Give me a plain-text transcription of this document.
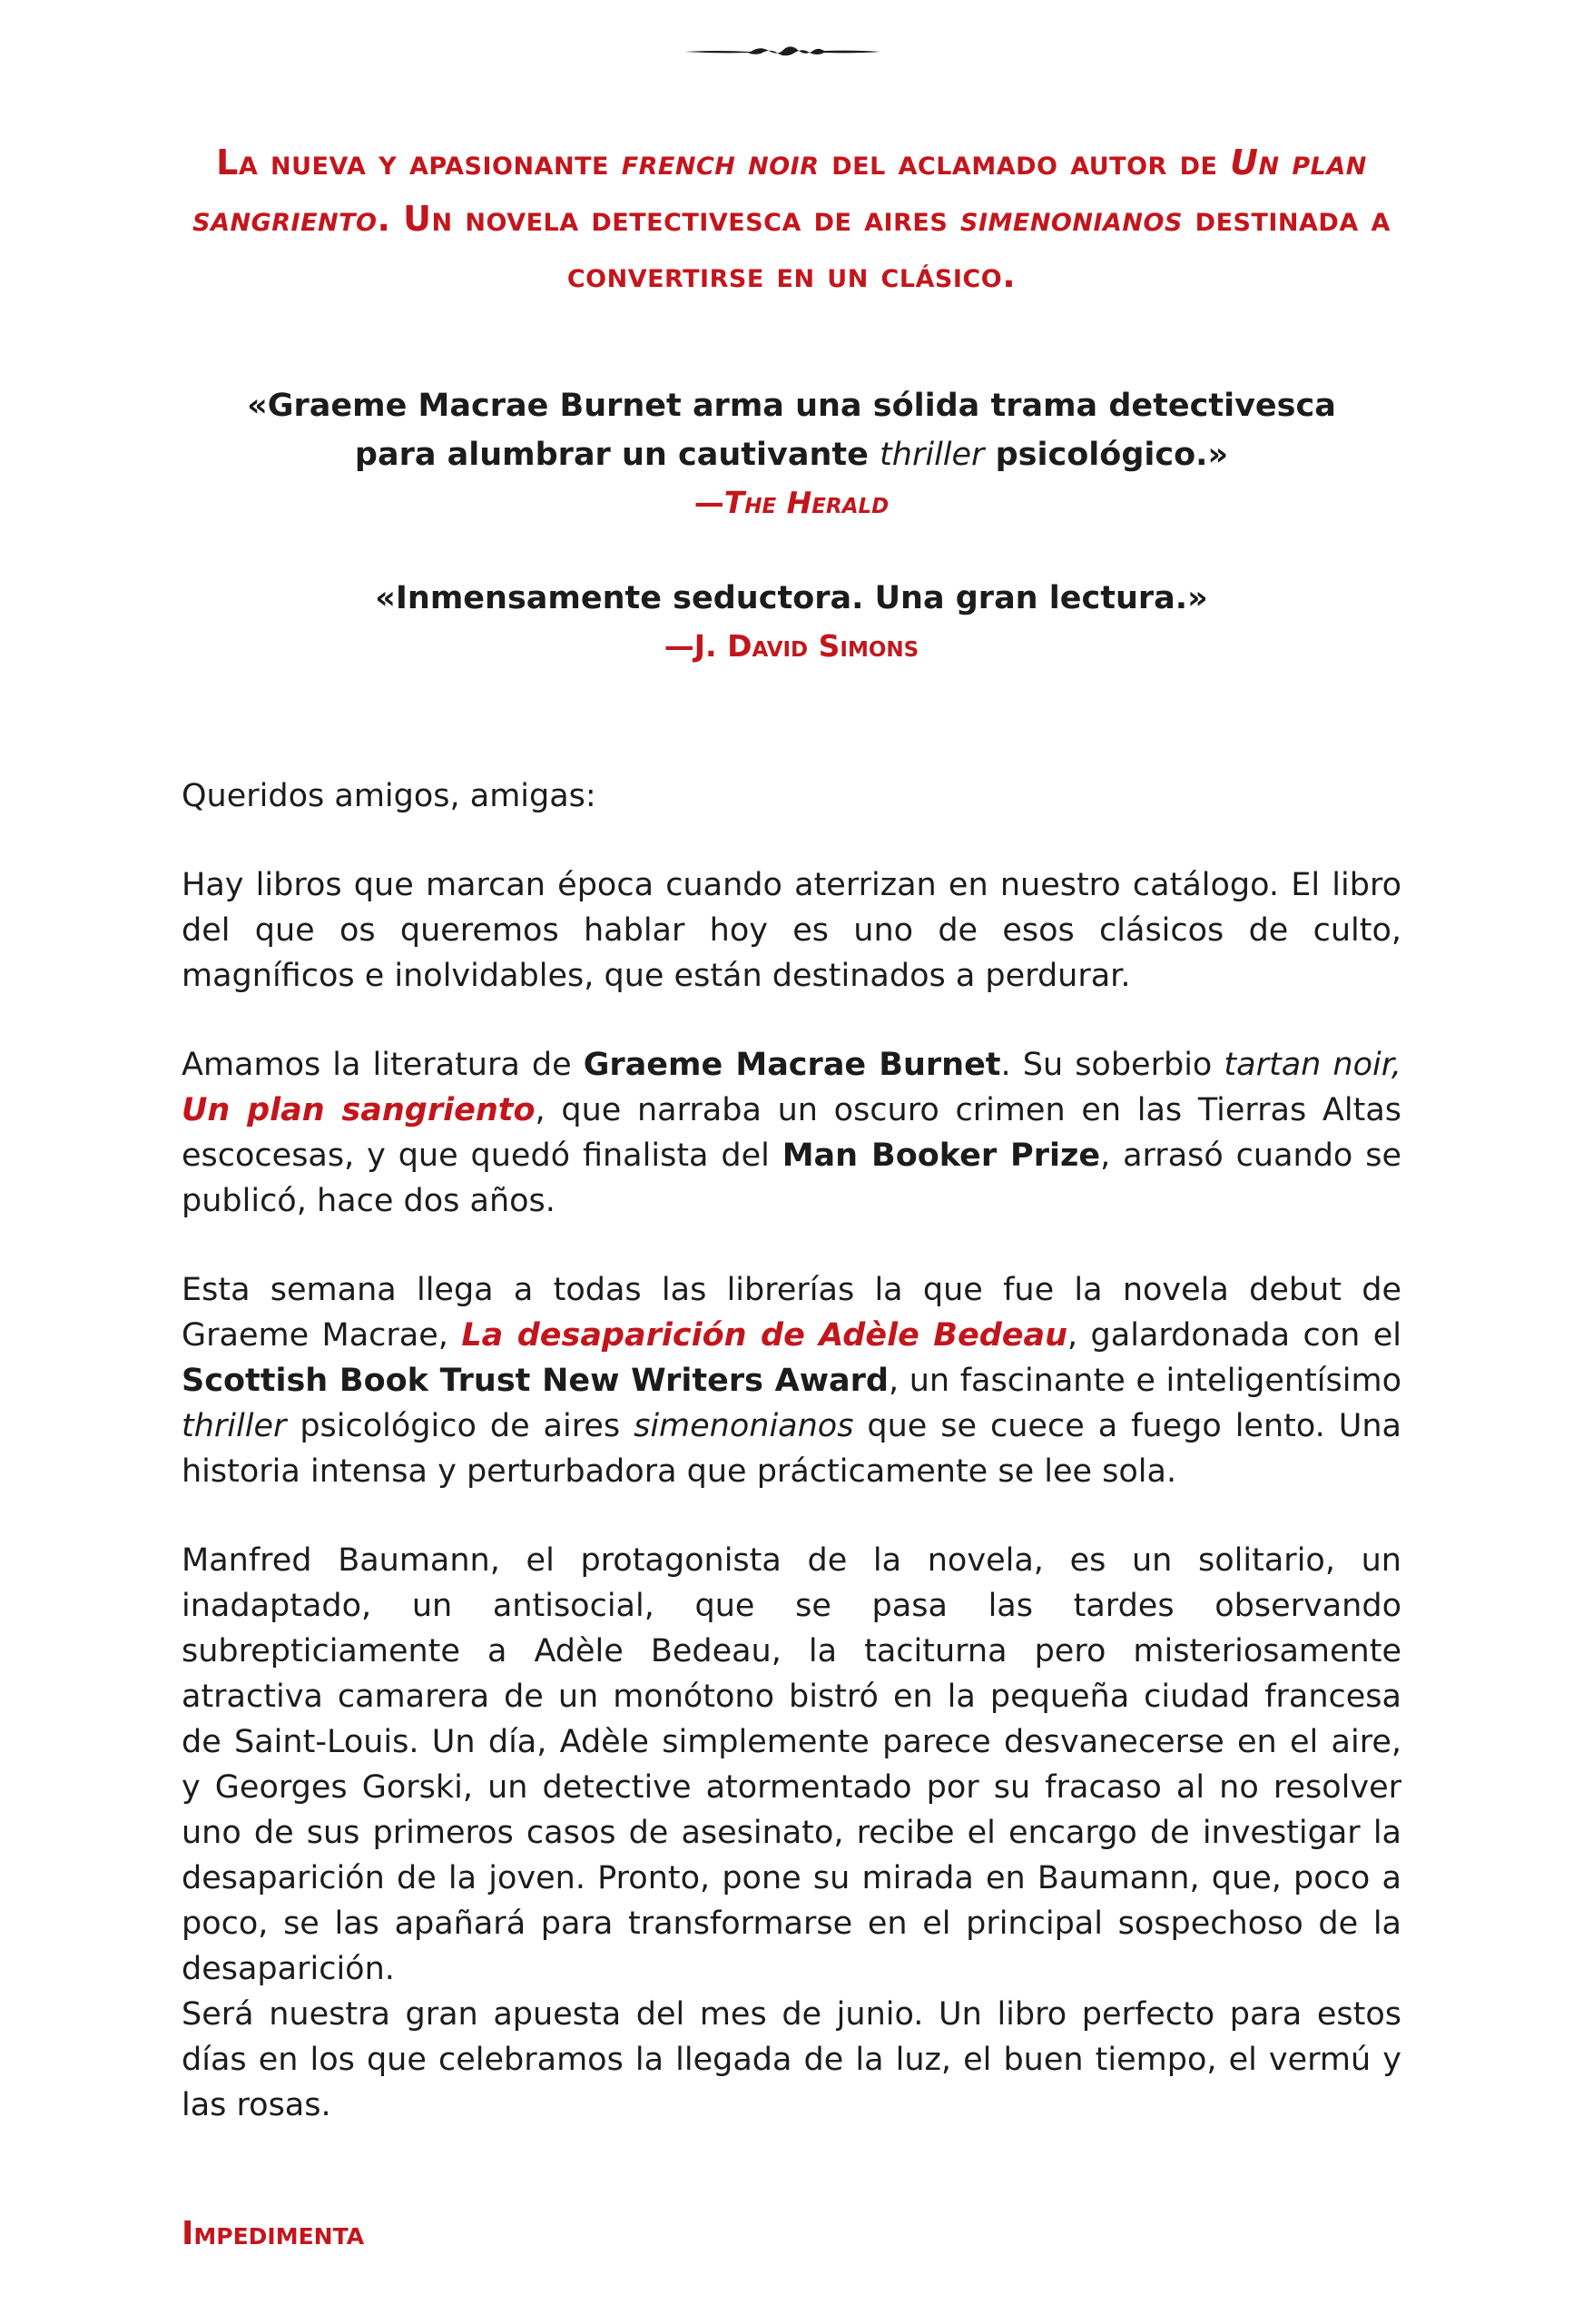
La nueva y apasionante french noir del aclamado autor de Un plan sangriento. Un novela detectivesca de aires simenonianos destinada a convertirse en un clásico.

«Graeme Macrae Burnet arma una sólida trama detectivesca
para alumbrar un cautivante thriller psicológico.»

—The Herald

«Inmensamente seductora. Una gran lectura.»

—J. David Simons

Queridos amigos, amigas:

Hay libros que marcan época cuando aterrizan en nuestro catálogo. El libro del que os queremos hablar hoy es uno de esos clásicos de culto, magníficos e inolvidables, que están destinados a perdurar.

Amamos la literatura de Graeme Macrae Burnet. Su soberbio tartan noir, Un plan sangriento, que narraba un oscuro crimen en las Tierras Altas escocesas, y que quedó finalista del Man Booker Prize, arrasó cuando se publicó, hace dos años.

Esta semana llega a todas las librerías la que fue la novela debut de Graeme Macrae, La desaparición de Adèle Bedeau, galardonada con el Scottish Book Trust New Writers Award, un fascinante e inteligentísimo thriller psicológico de aires simenonianos que se cuece a fuego lento. Una historia intensa y perturbadora que prácticamente se lee sola.

Manfred Baumann, el protagonista de la novela, es un solitario, un inadaptado, un antisocial, que se pasa las tardes observando subrepticiamente a Adèle Bedeau, la taciturna pero misteriosamente atractiva camarera de un monótono bistró en la pequeña ciudad francesa de Saint-Louis. Un día, Adèle simplemente parece desvanecerse en el aire, y Georges Gorski, un detective atormentado por su fracaso al no resolver uno de sus primeros casos de asesinato, recibe el encargo de investigar la desaparición de la joven. Pronto, pone su mirada en Baumann, que, poco a poco, se las apañará para transformarse en el principal sospechoso de la desaparición.

Será nuestra gran apuesta del mes de junio. Un libro perfecto para estos días en los que celebramos la llegada de la luz, el buen tiempo, el vermú y las rosas.

Impedimenta
